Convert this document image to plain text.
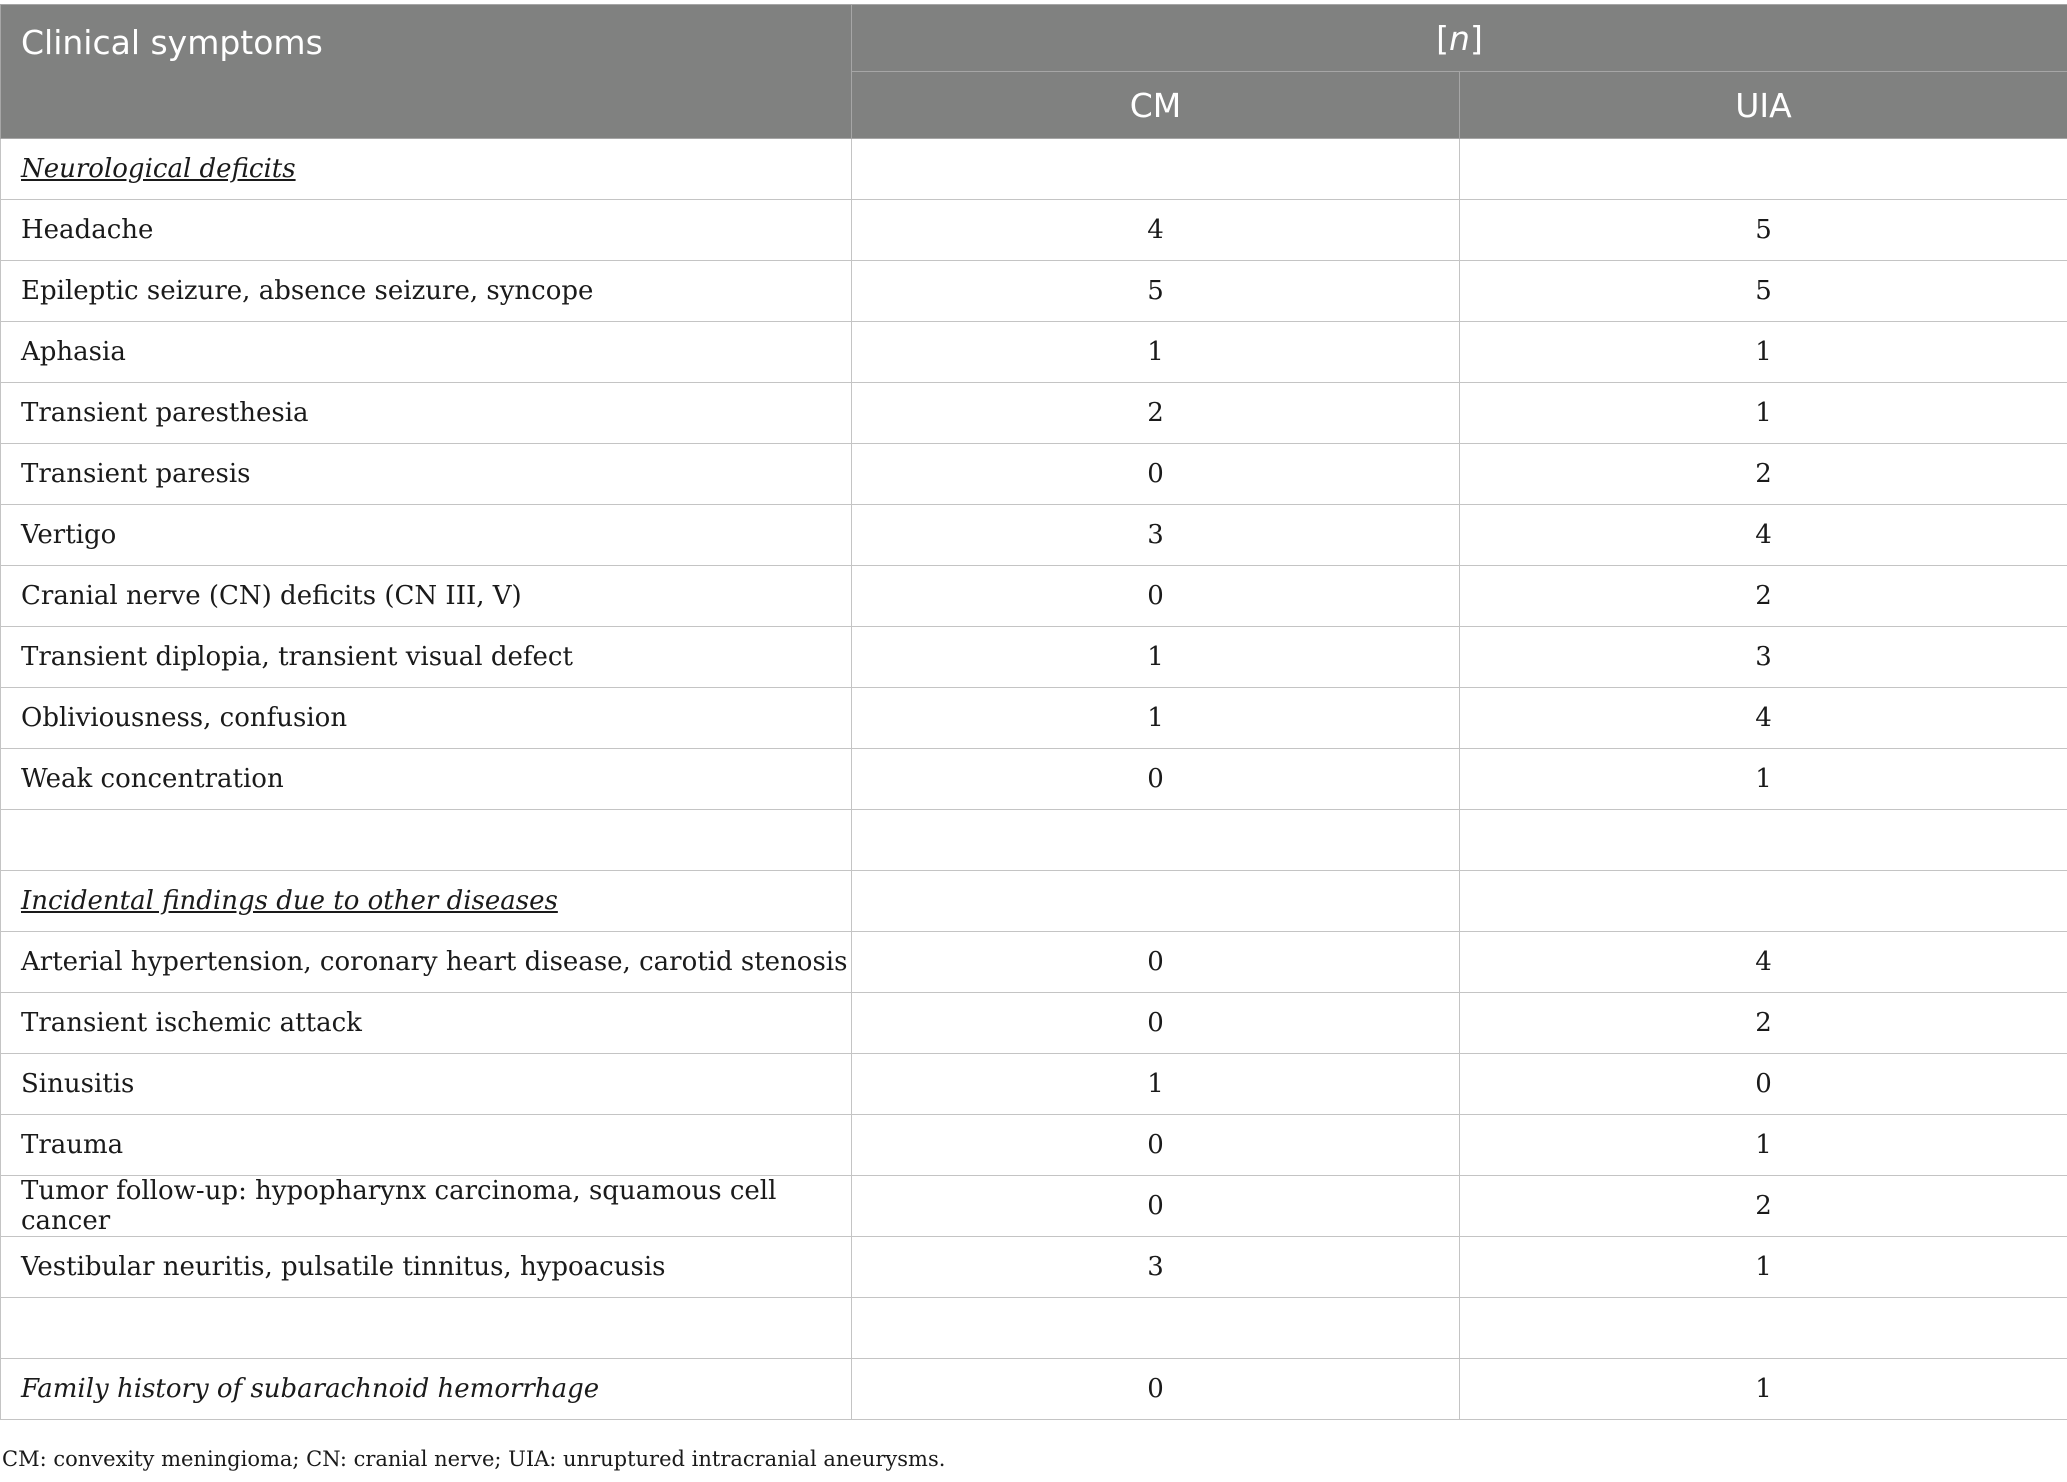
Clinical symptoms	[n]	
	CM	UIA
Neurological deficits		
Headache	4	5
Epileptic seizure, absence seizure, syncope	5	5
Aphasia	1	1
Transient paresthesia	2	1
Transient paresis	0	2
Vertigo	3	4
Cranial nerve (CN) deficits (CN III, V)	0	2
Transient diplopia, transient visual defect	1	3
Obliviousness, confusion	1	4
Weak concentration	0	1

Incidental findings due to other diseases		
Arterial hypertension, coronary heart disease, carotid stenosis	0	4
Transient ischemic attack	0	2
Sinusitis	1	0
Trauma	0	1
Tumor follow-up: hypopharynx carcinoma, squamous cell cancer	0	2
Vestibular neuritis, pulsatile tinnitus, hypoacusis	3	1

Family history of subarachnoid hemorrhage	0	1
CM: convexity meningioma; CN: cranial nerve; UIA: unruptured intracranial aneurysms.
